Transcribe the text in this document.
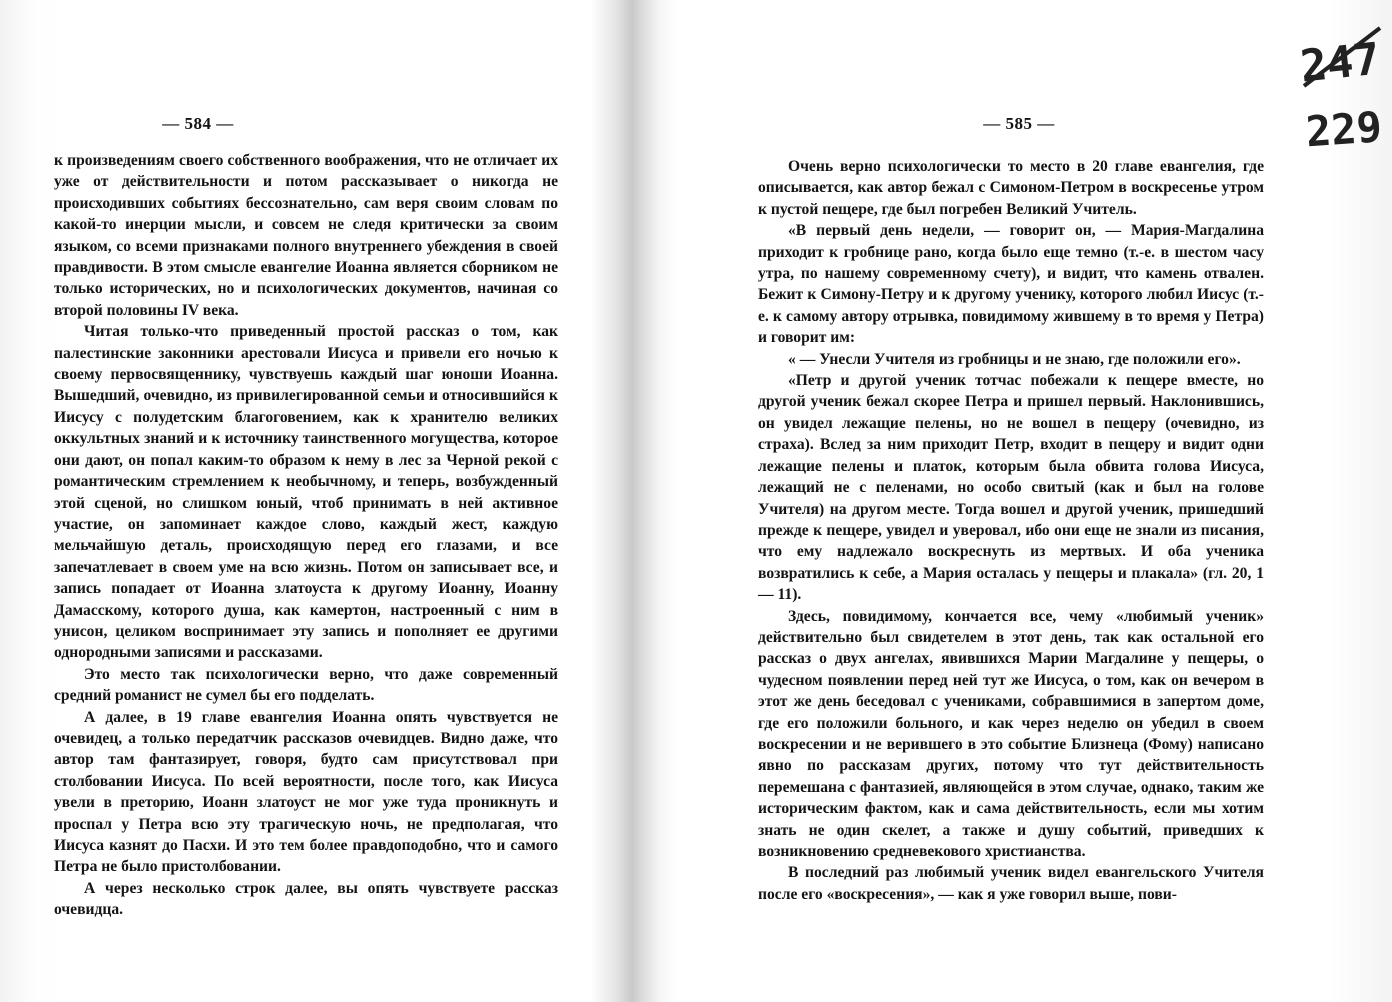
— 584 —

к произведениям своего собственного воображения, что не отличает их уже от действительности и потом рассказывает о никогда не происходивших событиях бессознательно, сам веря своим словам по какой-то инерции мысли, и совсем не следя критически за своим языком, со всеми признаками полного внутреннего убеждения в своей правдивости. В этом смысле евангелие Иоанна является сборником не только исторических, но и психологических документов, начиная со второй половины IV века.

Читая только-что приведенный простой рассказ о том, как палестинские законники арестовали Иисуса и привели его ночью к своему первосвященнику, чувствуешь каждый шаг юноши Иоанна. Вышедший, очевидно, из привилегированной семьи и относившийся к Иисусу с полудетским благоговением, как к хранителю великих оккультных знаний и к источнику таинственного могущества, которое они дают, он попал каким-то образом к нему в лес за Черной рекой с романтическим стремлением к необычному, и теперь, возбужденный этой сценой, но слишком юный, чтоб принимать в ней активное участие, он запоминает каждое слово, каждый жест, каждую мельчайшую деталь, происходящую перед его глазами, и все запечатлевает в своем уме на всю жизнь. Потом он записывает все, и запись попадает от Иоанна златоуста к другому Иоанну, Иоанну Дамасскому, которого душа, как камертон, настроенный с ним в унисон, целиком воспринимает эту запись и пополняет ее другими однородными записями и рассказами.

Это место так психологически верно, что даже современный средний романист не сумел бы его подделать.

А далее, в 19 главе евангелия Иоанна опять чувствуется не очевидец, а только передатчик рассказов очевидцев. Видно даже, что автор там фантазирует, говоря, будто сам присутствовал при столбовании Иисуса. По всей вероятности, после того, как Иисуса увели в преторию, Иоанн златоуст не мог уже туда проникнуть и проспал у Петра всю эту трагическую ночь, не предполагая, что Иисуса казнят до Пасхи. И это тем более правдоподобно, что и самого Петра не было пристолбовании.

А через несколько строк далее, вы опять чувствуете рассказ очевидца.

— 585 —

Очень верно психологически то место в 20 главе евангелия, где описывается, как автор бежал с Симоном-Петром в воскресенье утром к пустой пещере, где был погребен Великий Учитель.

«В первый день недели, — говорит он, — Мария-Магдалина приходит к гробнице рано, когда было еще темно (т.-е. в шестом часу утра, по нашему современному счету), и видит, что камень отвален. Бежит к Симону-Петру и к другому ученику, которого любил Иисус (т.-е. к самому автору отрывка, повидимому жившему в то время у Петра) и говорит им:

« — Унесли Учителя из гробницы и не знаю, где положили его».

«Петр и другой ученик тотчас побежали к пещере вместе, но другой ученик бежал скорее Петра и пришел первый. Наклонившись, он увидел лежащие пелены, но не вошел в пещеру (очевидно, из страха). Вслед за ним приходит Петр, входит в пещеру и видит одни лежащие пелены и платок, которым была обвита голова Иисуса, лежащий не с пеленами, но особо свитый (как и был на голове Учителя) на другом месте. Тогда вошел и другой ученик, пришедший прежде к пещере, увидел и уверовал, ибо они еще не знали из писания, что ему надлежало воскреснуть из мертвых. И оба ученика возвратились к себе, а Мария осталась у пещеры и плакала» (гл. 20, 1 — 11).

Здесь, повидимому, кончается все, чему «любимый ученик» действительно был свидетелем в этот день, так как остальной его рассказ о двух ангелах, явившихся Марии Магдалине у пещеры, о чудесном появлении перед ней тут же Иисуса, о том, как он вечером в этот же день беседовал с учениками, собравшимися в запертом доме, где его положили больного, и как через неделю он убедил в своем воскресении и не верившего в это событие Близнеца (Фому) написано явно по рассказам других, потому что тут действительность перемешана с фантазией, являющейся в этом случае, однако, таким же историческим фактом, как и сама действительность, если мы хотим знать не один скелет, а также и душу событий, приведших к возникновению средневекового христианства.

В последний раз любимый ученик видел евангельского Учителя после его «воскресения», — как я уже говорил выше, пови-

247
229
